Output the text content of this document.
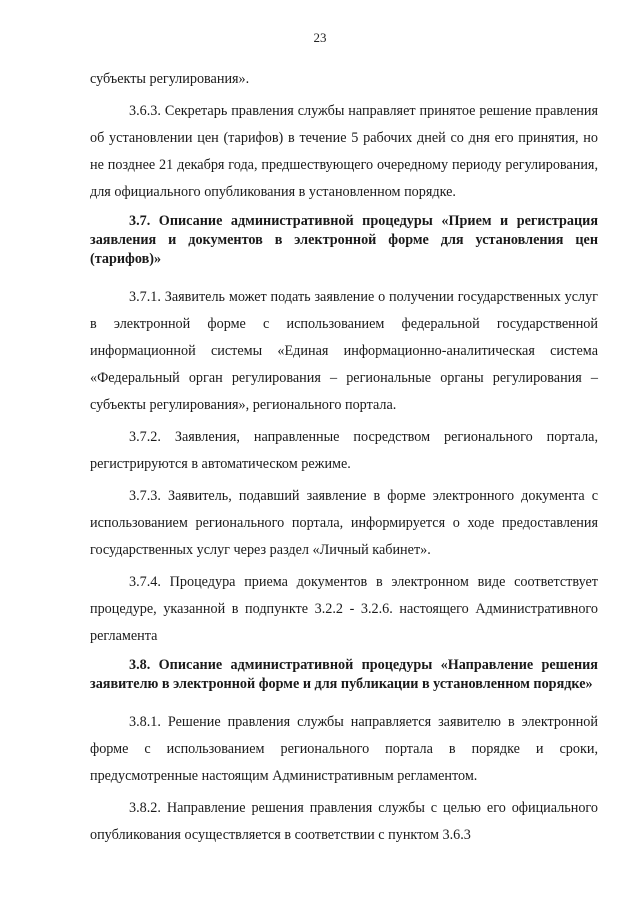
23

субъекты регулирования».

3.6.3. Секретарь правления службы направляет принятое решение правления об установлении цен (тарифов) в течение 5 рабочих дней со дня его принятия, но не позднее 21 декабря года, предшествующего очередному периоду регулирования, для официального опубликования в установленном порядке.

3.7. Описание административной процедуры «Прием и регистрация заявления и документов в электронной форме для установления цен (тарифов)»

3.7.1. Заявитель может подать заявление о получении государственных услуг в электронной форме с использованием федеральной государственной информационной системы «Единая информационно-аналитическая система «Федеральный орган регулирования – региональные органы регулирования – субъекты регулирования», регионального портала.

3.7.2. Заявления, направленные посредством регионального портала, регистрируются в автоматическом режиме.

3.7.3. Заявитель, подавший заявление в форме электронного документа с использованием регионального портала, информируется о ходе предоставления государственных услуг через раздел «Личный кабинет».

3.7.4. Процедура приема документов в электронном виде соответствует процедуре, указанной в подпункте 3.2.2 - 3.2.6. настоящего Административного регламента

3.8. Описание административной процедуры «Направление решения заявителю в электронной форме и для публикации в установленном порядке»

3.8.1. Решение правления службы направляется заявителю в электронной форме с использованием регионального портала в порядке и сроки, предусмотренные настоящим Административным регламентом.

3.8.2. Направление решения правления службы с целью его официального опубликования осуществляется в соответствии с пунктом 3.6.3
